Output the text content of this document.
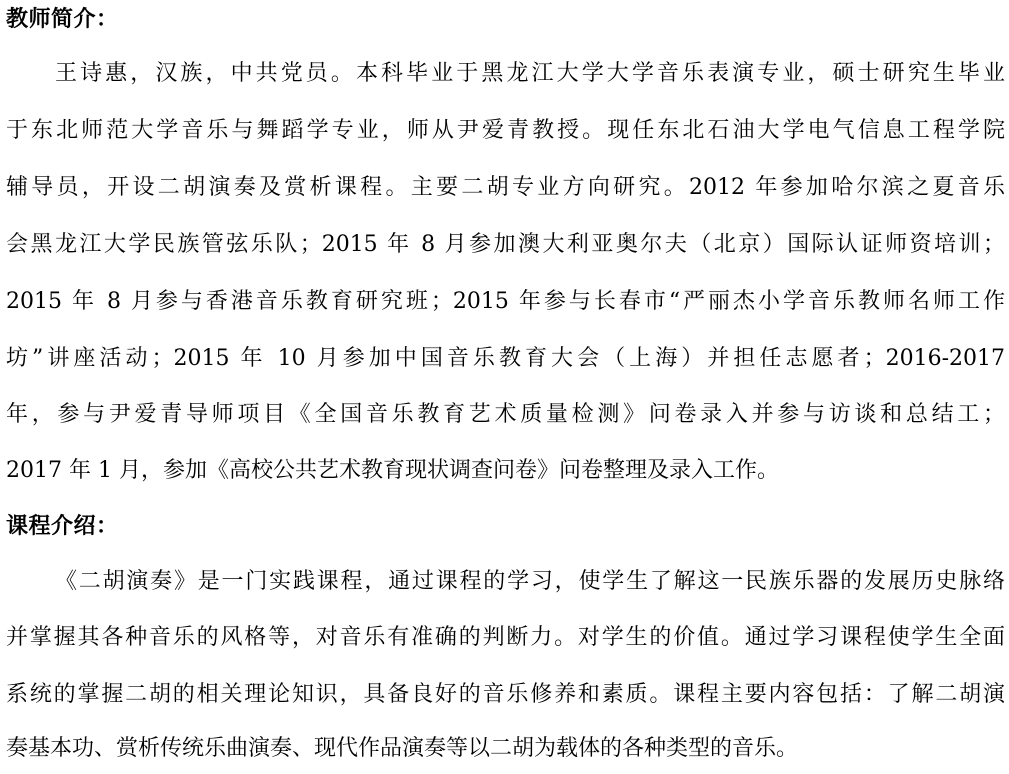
教师简介：

王诗惠，汉族，中共党员。本科毕业于黑龙江大学大学音乐表演专业，硕士研究生毕业

于东北师范大学音乐与舞蹈学专业，师从尹爱青教授。现任东北石油大学电气信息工程学院

辅导员，开设二胡演奏及赏析课程。主要二胡专业方向研究。2012 年参加哈尔滨之夏音乐

会黑龙江大学民族管弦乐队；2015 年 8 月参加澳大利亚奥尔夫（北京）国际认证师资培训；

2015 年 8 月参与香港音乐教育研究班；2015 年参与长春市“严丽杰小学音乐教师名师工作

坊”讲座活动；2015 年 10 月参加中国音乐教育大会（上海）并担任志愿者；2016-2017

年，参与尹爱青导师项目《全国音乐教育艺术质量检测》问卷录入并参与访谈和总结工；

2017 年 1 月，参加《高校公共艺术教育现状调查问卷》问卷整理及录入工作。

课程介绍：

《二胡演奏》是一门实践课程，通过课程的学习，使学生了解这一民族乐器的发展历史脉络

并掌握其各种音乐的风格等，对音乐有准确的判断力。对学生的价值。通过学习课程使学生全面

系统的掌握二胡的相关理论知识，具备良好的音乐修养和素质。课程主要内容包括：了解二胡演

奏基本功、赏析传统乐曲演奏、现代作品演奏等以二胡为载体的各种类型的音乐。
